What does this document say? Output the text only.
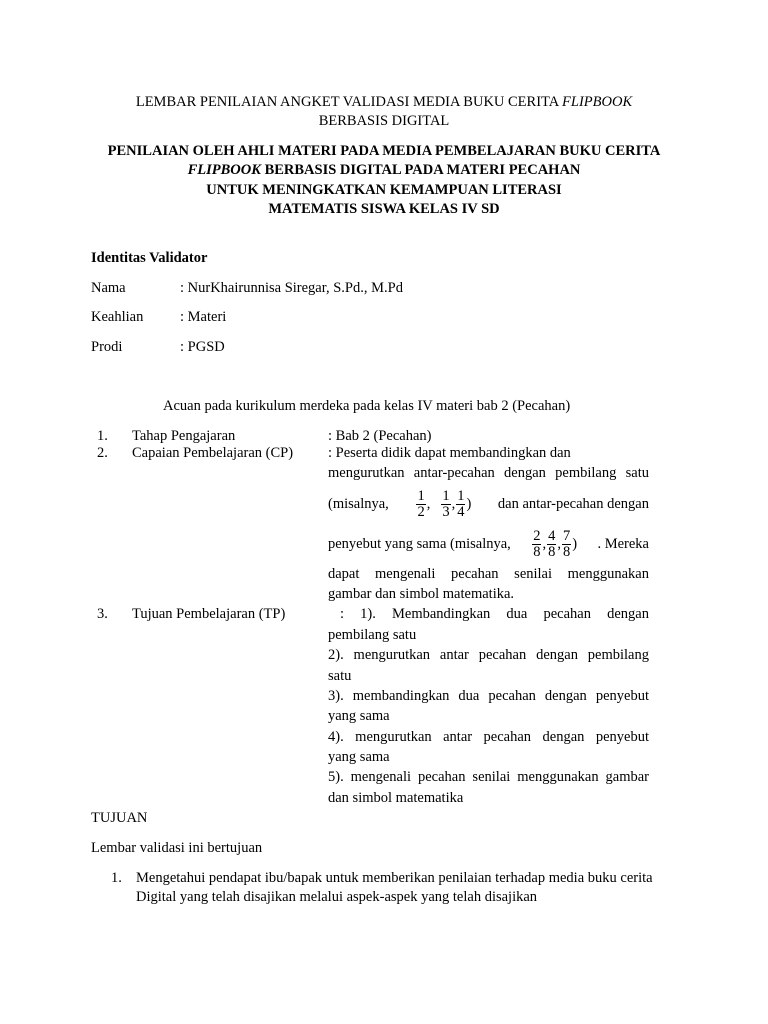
LEMBAR PENILAIAN ANGKET VALIDASI MEDIA BUKU CERITA FLIPBOOK
BERBASIS DIGITAL
PENILAIAN OLEH AHLI MATERI PADA MEDIA PEMBELAJARAN BUKU CERITA
FLIPBOOK BERBASIS DIGITAL PADA MATERI PECAHAN
UNTUK MENINGKATKAN KEMAMPUAN LITERASI
MATEMATIS SISWA KELAS IV SD
Identitas Validator
Nama	: NurKhairunnisa Siregar, S.Pd., M.Pd
Keahlian	: Materi
Prodi	: PGSD
Acuan pada kurikulum merdeka pada kelas IV materi bab 2 (Pecahan)
1. Tahap Pengajaran	: Bab 2 (Pecahan)
2. Capaian Pembelajaran (CP) : Peserta didik dapat membandingkan dan
mengurutkan antar-pecahan dengan pembilang satu
(misalnya, $\frac{1}{2}$ , $\frac{1}{3}$ , $\frac{1}{4}$ ) dan antar-pecahan dengan
penyebut yang sama (misalnya, $\frac{2}{8}$ , $\frac{4}{8}$ , $\frac{7}{8}$ ) . Mereka
dapat mengenali pecahan senilai menggunakan
gambar dan simbol matematika.
3. Tujuan Pembelajaran (TP)	: 1). Membandingkan dua pecahan dengan
pembilang satu
2). mengurutkan antar pecahan dengan pembilang
satu
3). membandingkan dua pecahan dengan penyebut
yang sama
4). mengurutkan antar pecahan dengan penyebut
yang sama
5). mengenali pecahan senilai menggunakan gambar
dan simbol matematika
TUJUAN
Lembar validasi ini bertujuan
1. Mengetahui pendapat ibu/bapak untuk memberikan penilaian terhadap media buku cerita
Digital yang telah disajikan melalui aspek-aspek yang telah disajikan
